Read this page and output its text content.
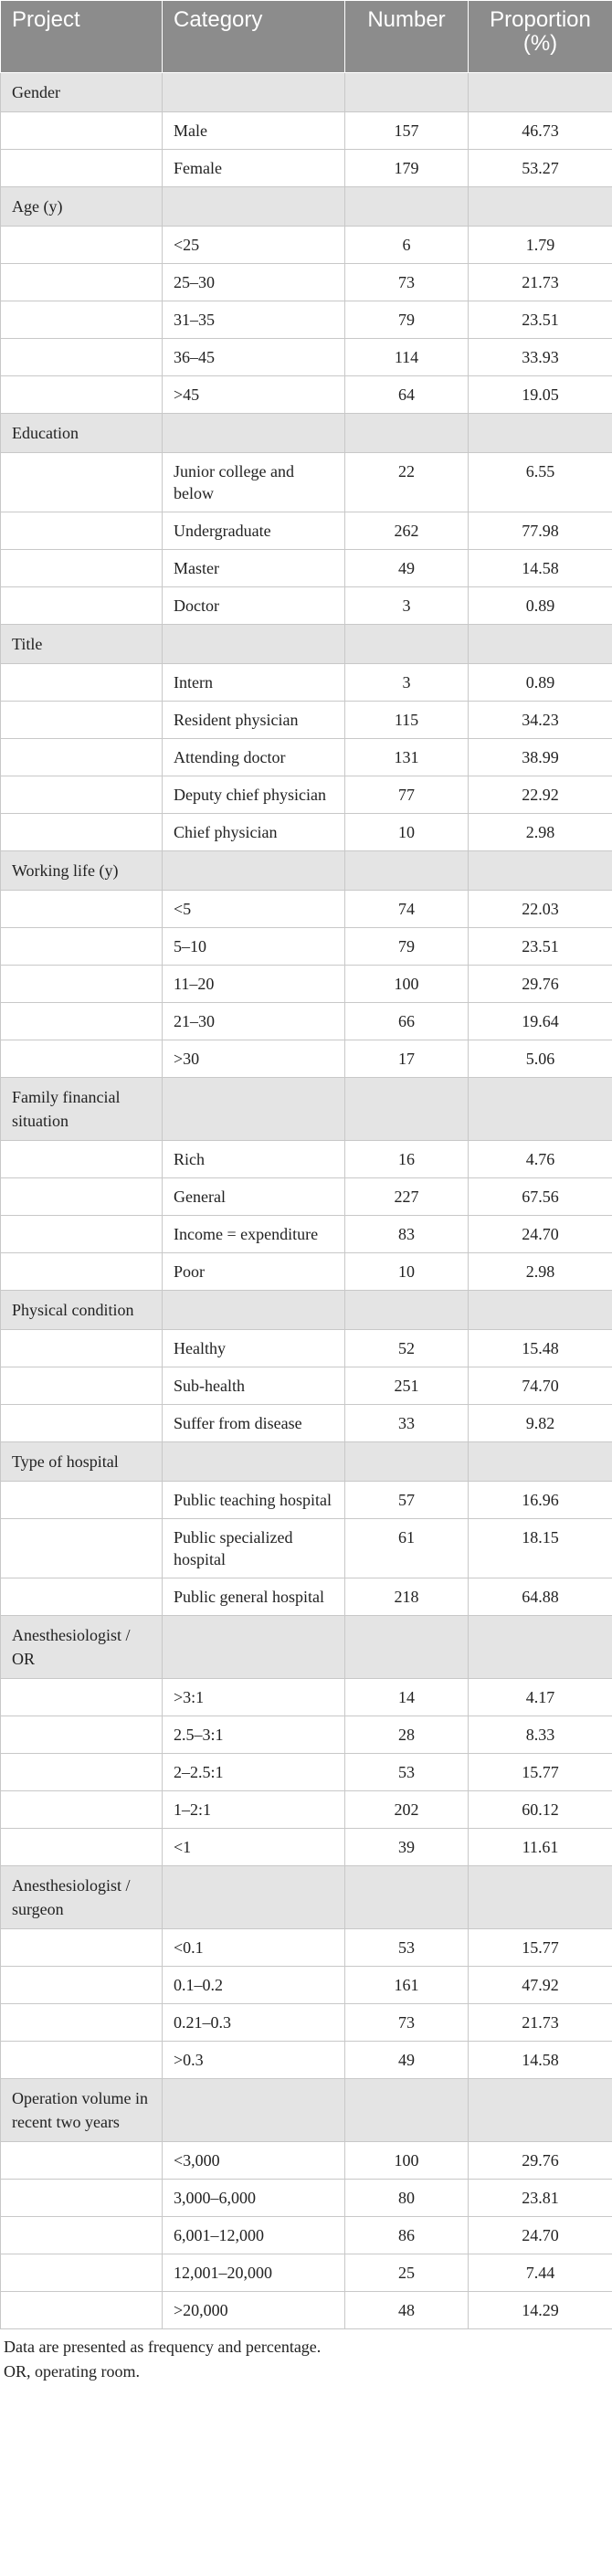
Project	Category	Number	Proportion (%)
Gender			
	Male	157	46.73
	Female	179	53.27
Age (y)			
	<25	6	1.79
	25–30	73	21.73
	31–35	79	23.51
	36–45	114	33.93
	>45	64	19.05
Education			
	Junior college and below	22	6.55
	Undergraduate	262	77.98
	Master	49	14.58
	Doctor	3	0.89
Title			
	Intern	3	0.89
	Resident physician	115	34.23
	Attending doctor	131	38.99
	Deputy chief physician	77	22.92
	Chief physician	10	2.98
Working life (y)			
	<5	74	22.03
	5–10	79	23.51
	11–20	100	29.76
	21–30	66	19.64
	>30	17	5.06
Family financial situation			
	Rich	16	4.76
	General	227	67.56
	Income = expenditure	83	24.70
	Poor	10	2.98
Physical condition			
	Healthy	52	15.48
	Sub-health	251	74.70
	Suffer from disease	33	9.82
Type of hospital			
	Public teaching hospital	57	16.96
	Public specialized hospital	61	18.15
	Public general hospital	218	64.88
Anesthesiologist / OR			
	>3:1	14	4.17
	2.5–3:1	28	8.33
	2–2.5:1	53	15.77
	1–2:1	202	60.12
	<1	39	11.61
Anesthesiologist / surgeon			
	<0.1	53	15.77
	0.1–0.2	161	47.92
	0.21–0.3	73	21.73
	>0.3	49	14.58
Operation volume in recent two years			
	<3,000	100	29.76
	3,000–6,000	80	23.81
	6,001–12,000	86	24.70
	12,001–20,000	25	7.44
	>20,000	48	14.29
Data are presented as frequency and percentage.
OR, operating room.
